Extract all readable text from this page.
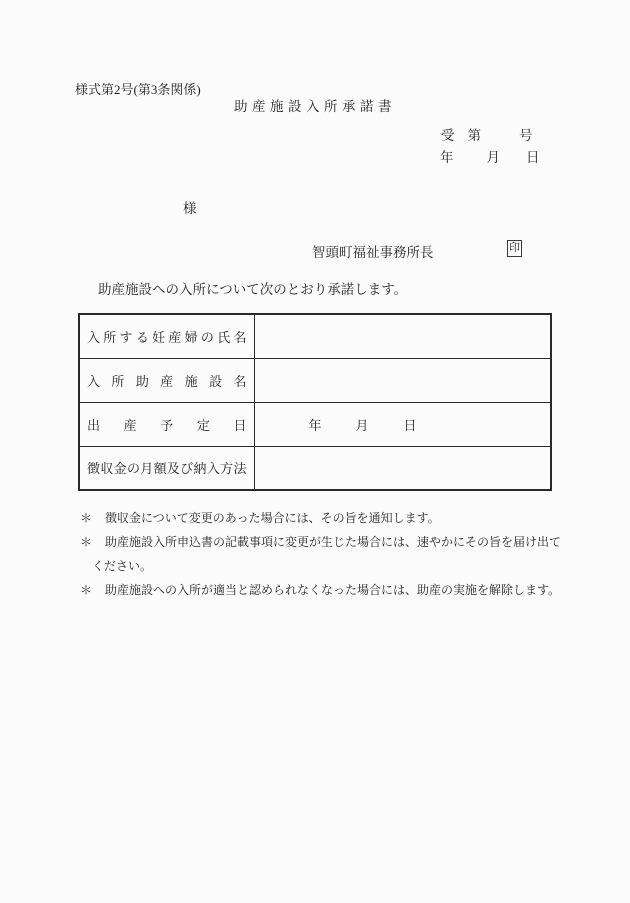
様式第2号(第3条関係)
助産施設入所承諾書
受 第	号
年 月 日
様
智頭町福祉事務所長	印
助産施設への入所について次のとおり承諾します。
入所する妊産婦の氏名	
入所助産施設名	
出産予定日	年 月 日

徴収金の月額及び納入方法	
＊ 徴収金について変更のあった場合には、その旨を通知します。
＊ 助産施設入所申込書の記載事項に変更が生じた場合には、速やかにその旨を届け出て
ください。
＊ 助産施設への入所が適当と認められなくなった場合には、助産の実施を解除します。
